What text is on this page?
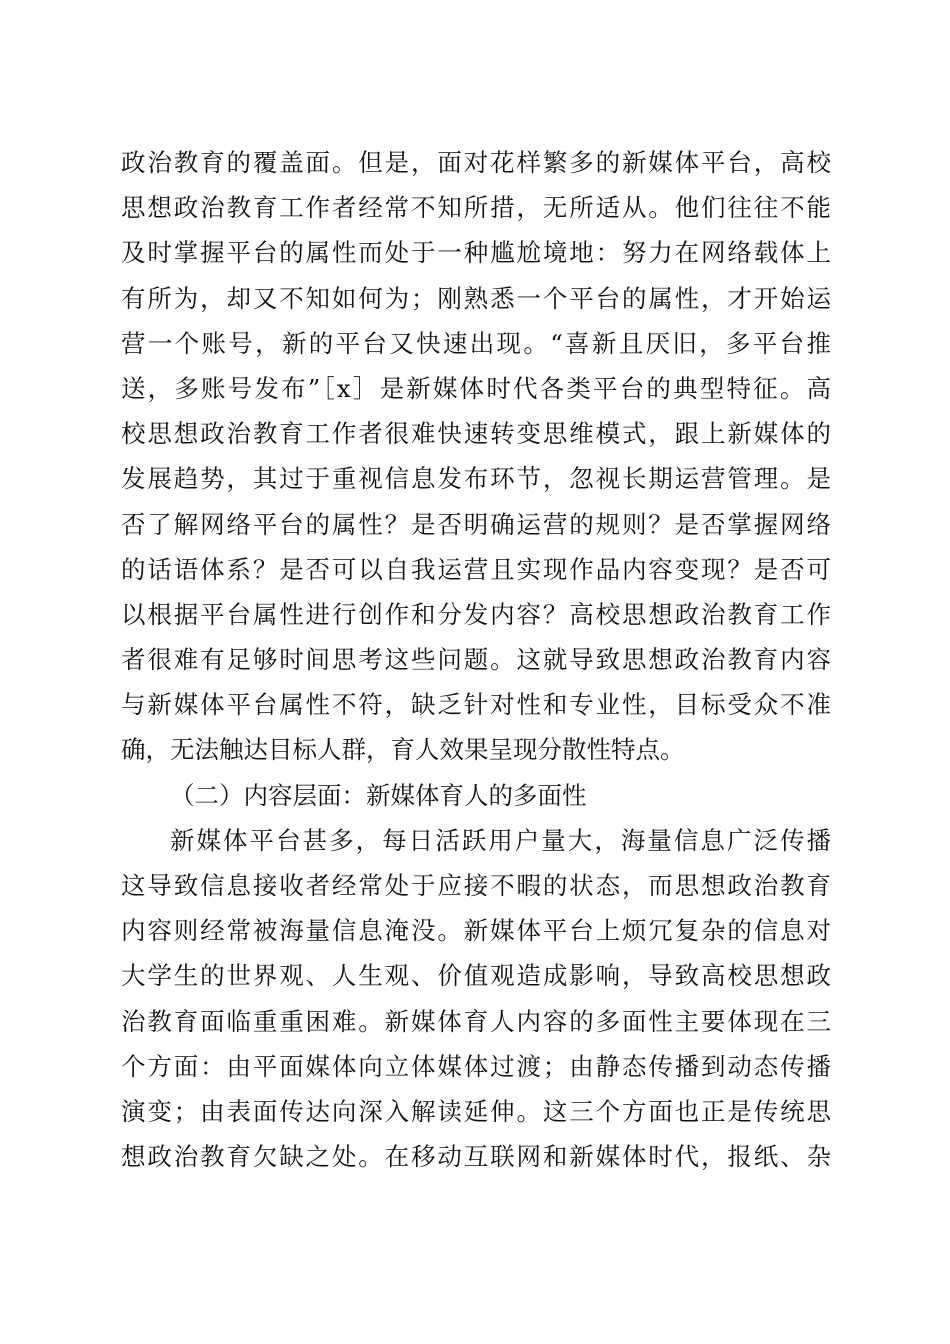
政治教育的覆盖面。但是，面对花样繁多的新媒体平台，高校
思想政治教育工作者经常不知所措，无所适从。他们往往不能
及时掌握平台的属性而处于一种尴尬境地：努力在网络载体上
有所为，却又不知如何为；刚熟悉一个平台的属性，才开始运
营一个账号，新的平台又快速出现。“喜新且厌旧，多平台推
送，多账号发布”［x］是新媒体时代各类平台的典型特征。高
校思想政治教育工作者很难快速转变思维模式，跟上新媒体的
发展趋势，其过于重视信息发布环节，忽视长期运营管理。是
否了解网络平台的属性？是否明确运营的规则？是否掌握网络
的话语体系？是否可以自我运营且实现作品内容变现？是否可
以根据平台属性进行创作和分发内容？高校思想政治教育工作
者很难有足够时间思考这些问题。这就导致思想政治教育内容
与新媒体平台属性不符，缺乏针对性和专业性，目标受众不准
确，无法触达目标人群，育人效果呈现分散性特点。
（二）内容层面：新媒体育人的多面性
新媒体平台甚多，每日活跃用户量大，海量信息广泛传播
这导致信息接收者经常处于应接不暇的状态，而思想政治教育
内容则经常被海量信息淹没。新媒体平台上烦冗复杂的信息对
大学生的世界观、人生观、价值观造成影响，导致高校思想政
治教育面临重重困难。新媒体育人内容的多面性主要体现在三
个方面：由平面媒体向立体媒体过渡；由静态传播到动态传播
演变；由表面传达向深入解读延伸。这三个方面也正是传统思
想政治教育欠缺之处。在移动互联网和新媒体时代，报纸、杂
